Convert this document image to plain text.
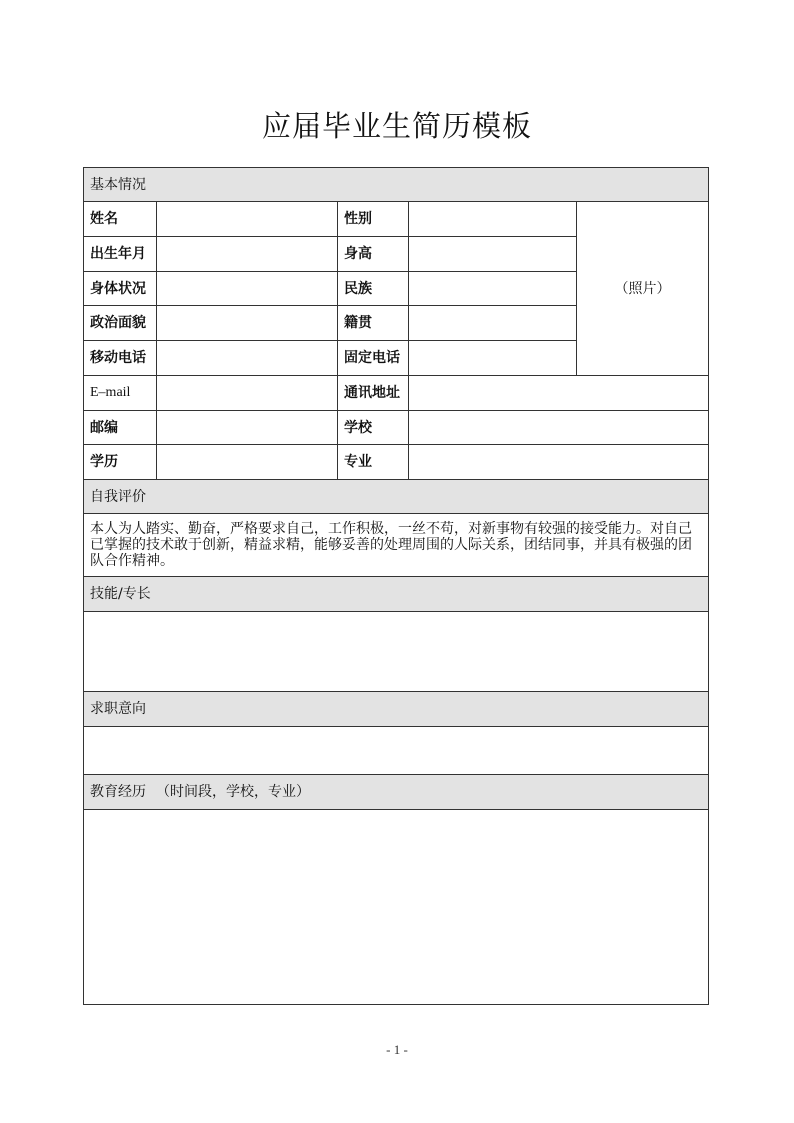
应届毕业生简历模板
基本情况				
姓名		性别		（照片）
出生年月		身高		
身体状况		民族		
政治面貌		籍贯		
移动电话		固定电话		
E–mail		通讯地址		
邮编		学校		
学历		专业		
自我评价				
本人为人踏实、勤奋，严格要求自己，工作积极，一丝不苟，对新事物有较强的接受能力。对自己已掌握的技术敢于创新，精益求精，能够妥善的处理周围的人际关系，团结同事，并具有极强的团队合作精神。				
技能/专长				

求职意向				

教育经历 （时间段，学校，专业）				

- 1 -
